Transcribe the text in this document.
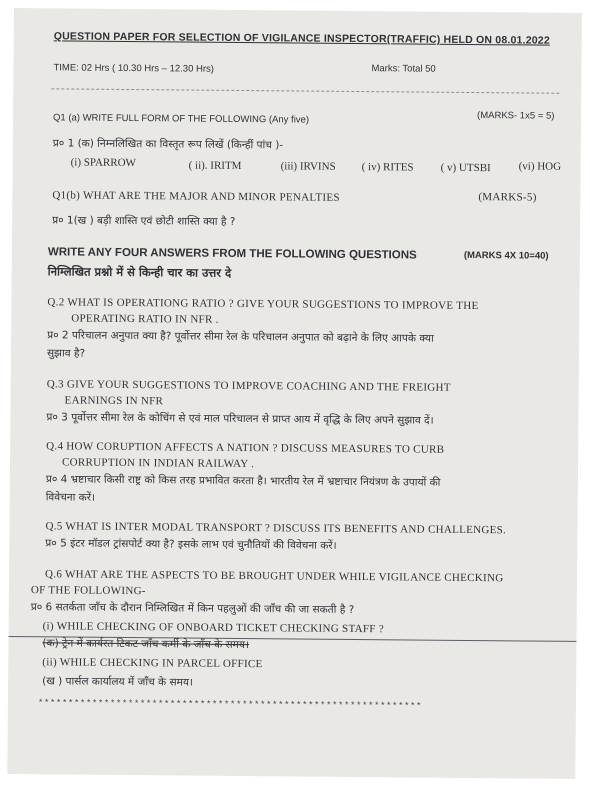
QUESTION PAPER FOR SELECTION OF VIGILANCE INSPECTOR(TRAFFIC) HELD ON 08.01.2022
TIME: 02 Hrs ( 10.30 Hrs – 12.30 Hrs)	Marks: Total 50
Q1 (a) WRITE FULL FORM OF THE FOLLOWING (Any five)	(MARKS- 1x5 = 5)
प्र० 1 (क) निम्नलिखित का विस्तृत रूप लिखें (किन्हीं पांच )-
(i) SPARROW	( ii). IRITM	(iii) IRVINS ( iv) RITES ( v) UTSBI	(vi) HOG
Q1(b) WHAT ARE THE MAJOR AND MINOR PENALTIES	(MARKS-5)
प्र० 1(ख ) बड़ी शास्ति एवं छोटी शास्ति क्या है ?
WRITE ANY FOUR ANSWERS FROM THE FOLLOWING QUESTIONS	(MARKS 4X 10=40)
निम्लिखित प्रश्नो में से किन्ही चार का उत्तर दे
Q.2 WHAT IS OPERATIONG RATIO ? GIVE YOUR SUGGESTIONS TO IMPROVE THE
OPERATING RATIO IN NFR .
प्र० 2 परिचालन अनुपात क्या है? पूर्वोत्तर सीमा रेल के परिचालन अनुपात को बढ़ाने के लिए आपके क्या
सुझाव है?
Q.3 GIVE YOUR SUGGESTIONS TO IMPROVE COACHING AND THE FREIGHT
EARNINGS IN NFR
प्र० 3 पूर्वोत्तर सीमा रेल के कोचिंग से एवं माल परिचालन से प्राप्त आय में वृद्धि के लिए अपने सुझाव दें।
Q.4 HOW CORUPTION AFFECTS A NATION ? DISCUSS MEASURES TO CURB
CORRUPTION IN INDIAN RAILWAY .
प्र० 4 भ्रष्टाचार किसी राष्ट्र को किस तरह प्रभावित करता है। भारतीय रेल में भ्रष्टाचार नियंत्रण के उपायों की
विवेचना करें।
Q.5 WHAT IS INTER MODAL TRANSPORT ? DISCUSS ITS BENEFITS AND CHALLENGES.
प्र० 5 इंटर मॉडल ट्रांसपोर्ट क्या है? इसके लाभ एवं चुनौतियों की विवेचना करें।
Q.6 WHAT ARE THE ASPECTS TO BE BROUGHT UNDER WHILE VIGILANCE CHECKING
OF THE FOLLOWING-
प्र० 6 सतर्कता जाँच के दौरान निम्लिखित में किन पहलुओं की जाँच की जा सकती है ?
(i) WHILE CHECKING OF ONBOARD TICKET CHECKING STAFF ?
(क) ट्रेन में कार्यरत टिकट जाँच कर्मी के जाँच के समय।
(ii) WHILE CHECKING IN PARCEL OFFICE
(ख ) पार्सल कार्यालय में जाँच के समय।
****************************************************************
